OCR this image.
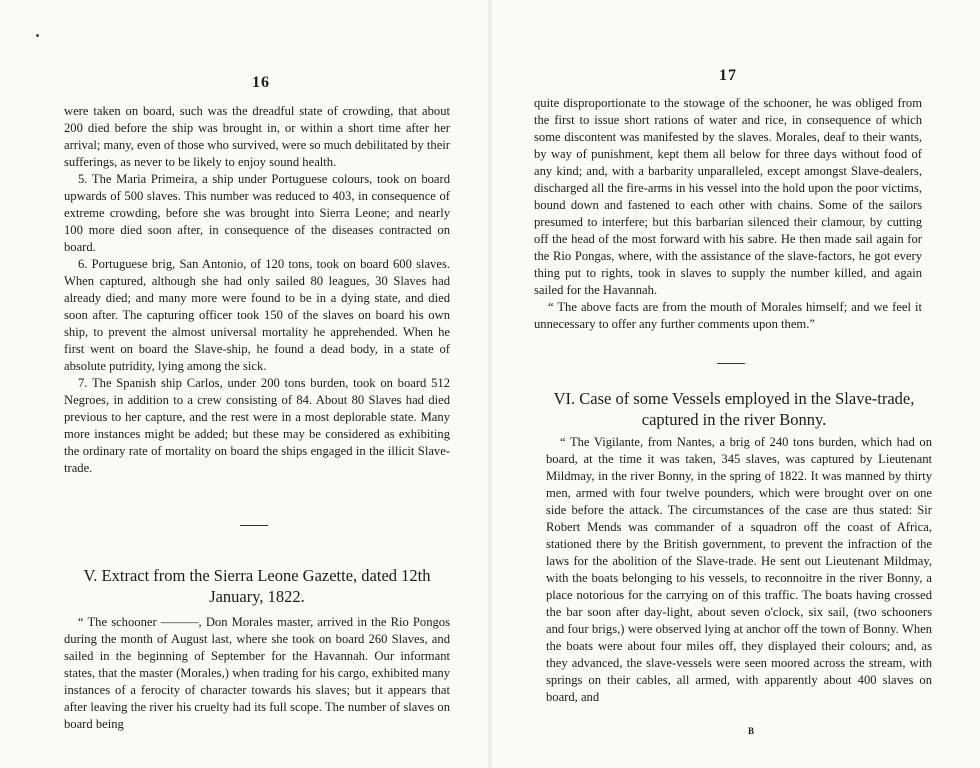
16

were taken on board, such was the dreadful state of crowding, that about 200 died before the ship was brought in, or within a short time after her arrival; many, even of those who survived, were so much debilitated by their sufferings, as never to be likely to enjoy sound health.

5. The Maria Primeira, a ship under Portuguese colours, took on board upwards of 500 slaves. This number was reduced to 403, in consequence of extreme crowding, before she was brought into Sierra Leone; and nearly 100 more died soon after, in consequence of the diseases contracted on board.

6. Portuguese brig, San Antonio, of 120 tons, took on board 600 slaves. When captured, although she had only sailed 80 leagues, 30 Slaves had already died; and many more were found to be in a dying state, and died soon after. The capturing officer took 150 of the slaves on board his own ship, to prevent the almost universal mortality he apprehended. When he first went on board the Slave-ship, he found a dead body, in a state of absolute putridity, lying among the sick.

7. The Spanish ship Carlos, under 200 tons burden, took on board 512 Negroes, in addition to a crew consisting of 84. About 80 Slaves had died previous to her capture, and the rest were in a most deplorable state. Many more instances might be added; but these may be considered as exhibiting the ordinary rate of mortality on board the ships engaged in the illicit Slave-trade.

V. Extract from the Sierra Leone Gazette, dated 12th January, 1822.

“ The schooner ———, Don Morales master, arrived in the Rio Pongos during the month of August last, where she took on board 260 Slaves, and sailed in the beginning of September for the Havannah. Our informant states, that the master (Morales,) when trading for his cargo, exhibited many instances of a ferocity of character towards his slaves; but it appears that after leaving the river his cruelty had its full scope. The number of slaves on board being

17

quite disproportionate to the stowage of the schooner, he was obliged from the first to issue short rations of water and rice, in consequence of which some discontent was manifested by the slaves. Morales, deaf to their wants, by way of punishment, kept them all below for three days without food of any kind; and, with a barbarity unparalleled, except amongst Slave-dealers, discharged all the fire-arms in his vessel into the hold upon the poor victims, bound down and fastened to each other with chains. Some of the sailors presumed to interfere; but this barbarian silenced their clamour, by cutting off the head of the most forward with his sabre. He then made sail again for the Rio Pongas, where, with the assistance of the slave-factors, he got every thing put to rights, took in slaves to supply the number killed, and again sailed for the Havannah.

“ The above facts are from the mouth of Morales himself; and we feel it unnecessary to offer any further comments upon them.”

VI. Case of some Vessels employed in the Slave-trade, captured in the river Bonny.

“ The Vigilante, from Nantes, a brig of 240 tons burden, which had on board, at the time it was taken, 345 slaves, was captured by Lieutenant Mildmay, in the river Bonny, in the spring of 1822. It was manned by thirty men, armed with four twelve pounders, which were brought over on one side before the attack. The circumstances of the case are thus stated: Sir Robert Mends was commander of a squadron off the coast of Africa, stationed there by the British government, to prevent the infraction of the laws for the abolition of the Slave-trade. He sent out Lieutenant Mildmay, with the boats belonging to his vessels, to reconnoitre in the river Bonny, a place notorious for the carrying on of this traffic. The boats having crossed the bar soon after day-light, about seven o'clock, six sail, (two schooners and four brigs,) were observed lying at anchor off the town of Bonny. When the boats were about four miles off, they displayed their colours; and, as they advanced, the slave-vessels were seen moored across the stream, with springs on their cables, all armed, with apparently about 400 slaves on board, and

B
